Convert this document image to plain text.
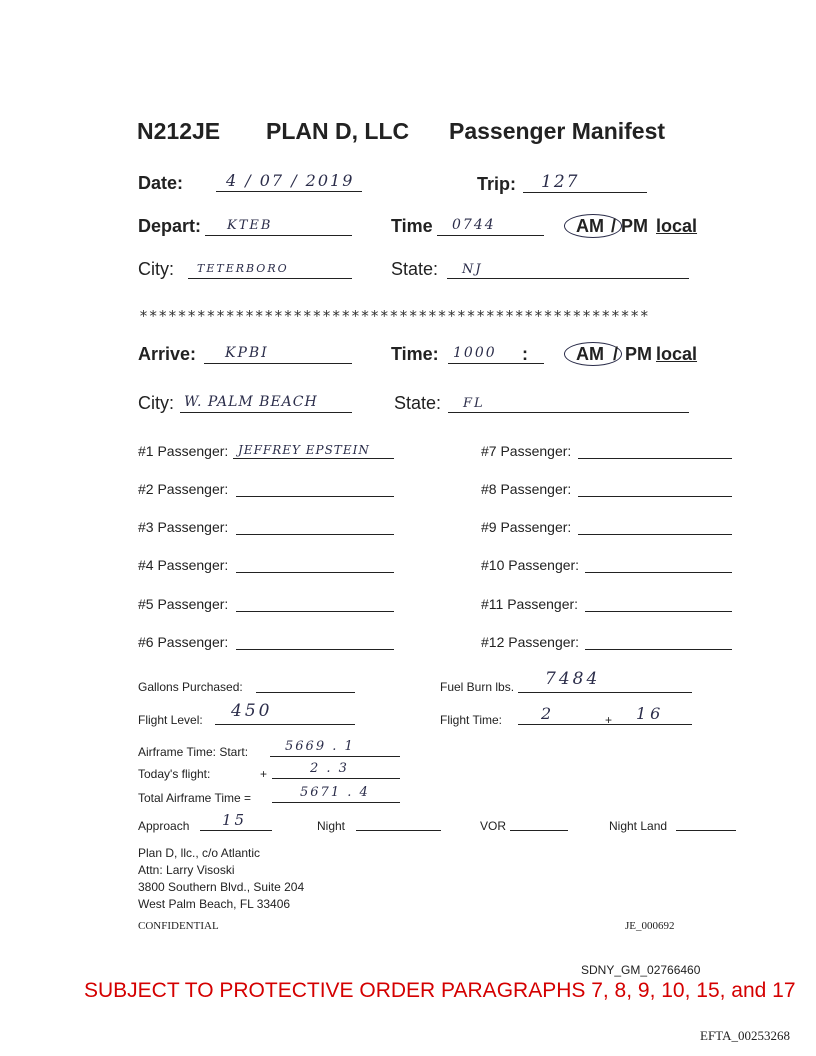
N212JE PLAN D, LLC Passenger Manifest
Date:	4 / 07 / 2019	Trip: 127
Depart: KTEB	Time 0744	AM / PM local
City: TETERBORO	State: NJ
*****************************************************
Arrive: KPBI	Time: 1000 :	AM / PM local
City: W. PALM BEACH	State: FL
#1 Passenger: JEFFREY EPSTEIN
#2 Passenger:
#3 Passenger:
#4 Passenger:
#5 Passenger:
#6 Passenger:
#7 Passenger:
#8 Passenger:
#9 Passenger:
#10 Passenger:
#11 Passenger:
#12 Passenger:
Gallons Purchased:	Fuel Burn lbs. 7484
Flight Level: 450	Flight Time: 2	+ 16
Airframe Time: Start:	5669 . 1
Today's flight:	+	2 . 3
Total Airframe Time =	5671 . 4
Approach 15	Night	VOR	Night Land
Plan D, llc., c/o Atlantic
Attn: Larry Visoski
3800 Southern Blvd., Suite 204
West Palm Beach, FL 33406
CONFIDENTIAL	JE_000692
SDNY_GM_02766460
SUBJECT TO PROTECTIVE ORDER PARAGRAPHS 7, 8, 9, 10, 15, and 17
EFTA_00253268
